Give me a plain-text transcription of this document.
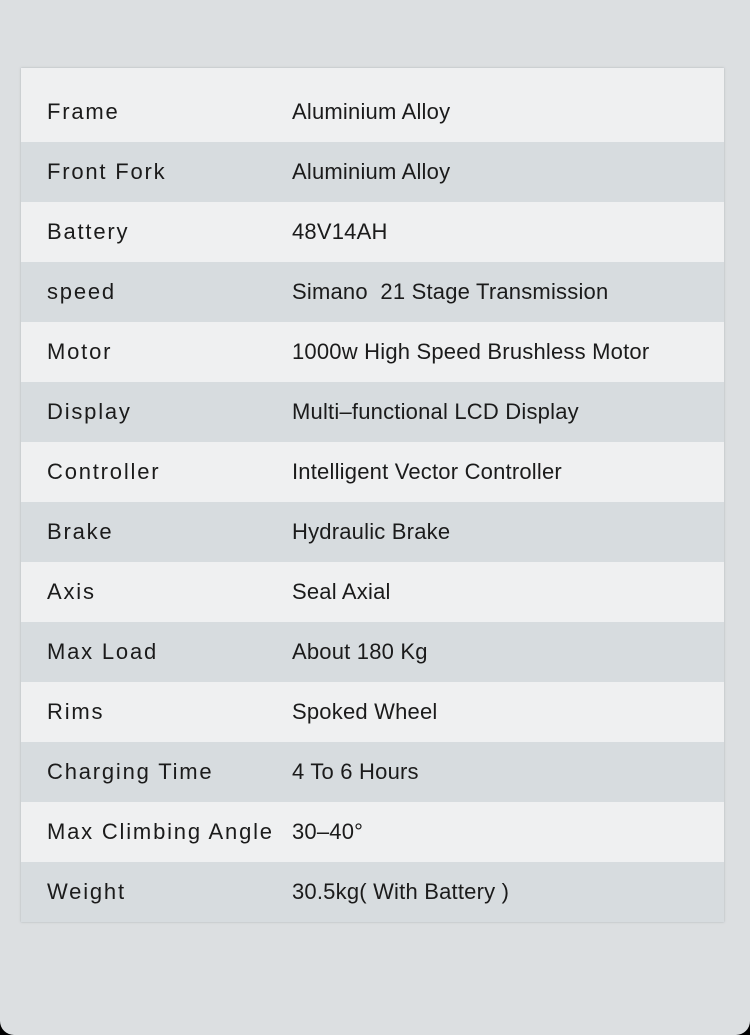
Frame	Aluminium Alloy
Front Fork	Aluminium Alloy
Battery	48V14AH
speed	Simano  21 Stage Transmission
Motor	1000w High Speed Brushless Motor
Display	Multi–functional LCD Display
Controller	Intelligent Vector Controller
Brake	Hydraulic Brake
Axis	Seal Axial
Max Load	About 180 Kg
Rims	Spoked Wheel
Charging Time	4 To 6 Hours
Max Climbing Angle 30–40°
Weight	30.5kg( With Battery )
